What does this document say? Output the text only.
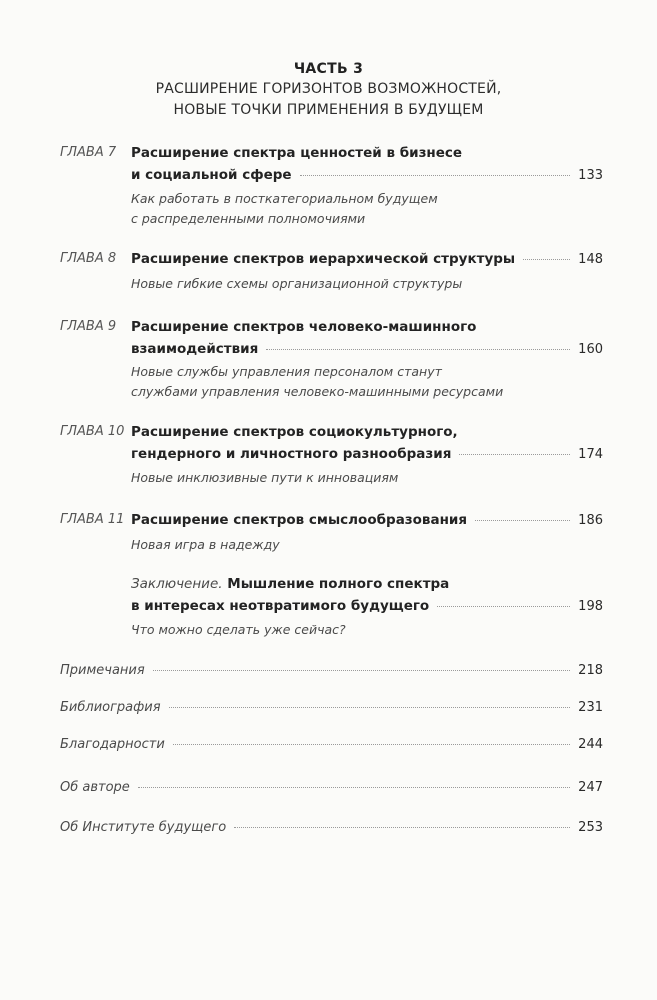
ЧАСТЬ 3
РАСШИРЕНИЕ ГОРИЗОНТОВ ВОЗМОЖНОСТЕЙ,
НОВЫЕ ТОЧКИ ПРИМЕНЕНИЯ В БУДУЩЕМ
ГЛАВА 7 Расширение спектра ценностей в бизнесе
и социальной сфере	133
Как работать в посткатегориальном будущем
с распределенными полномочиями
ГЛАВА 8 Расширение спектров иерархической структуры	148
Новые гибкие схемы организационной структуры
ГЛАВА 9 Расширение спектров человеко-машинного
взаимодействия	160
Новые службы управления персоналом станут
службами управления человеко-машинными ресурсами
ГЛАВА 10 Расширение спектров социокультурного,
гендерного и личностного разнообразия	174
Новые инклюзивные пути к инновациям
ГЛАВА 11 Расширение спектров смыслообразования	186
Новая игра в надежду
Заключение. Мышление полного спектра
в интересах неотвратимого будущего	198
Что можно сделать уже сейчас?
Примечания	218
Библиография	231
Благодарности	244
Об авторе	247
Об Институте будущего	253
